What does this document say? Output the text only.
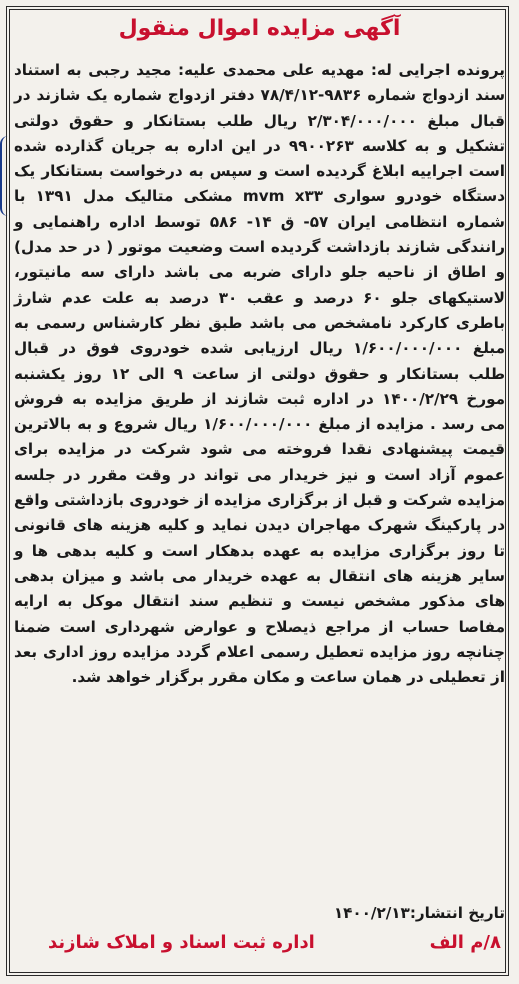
آگهی مزایده اموال منقول

پرونده اجرایی له: مهدیه علی محمدی علیه: مجید رجبی به استناد سند ازدواج شماره ۹۸۳۶-۷۸/۴/۱۲ دفتر ازدواج شماره یک شازند در قبال مبلغ ۲/۳۰۴/۰۰۰/۰۰۰ ریال طلب بستانکار و حقوق دولتی تشکیل و به کلاسه ۹۹۰۰۲۶۳ در این اداره به جریان گذارده شده است اجراییه ابلاغ گردیده است و سپس به درخواست بستانکار یک دستگاه خودرو سواری mvm x۳۳ مشکی متالیک مدل ۱۳۹۱ با شماره انتظامی ایران ۵۷- ق ۱۴- ۵۸۶ توسط اداره راهنمایی و رانندگی شازند بازداشت گردیده است وضعیت موتور ( در حد مدل) و اطاق از ناحیه جلو دارای ضربه می باشد دارای سه مانیتور، لاستیکهای جلو ۶۰ درصد و عقب ۳۰ درصد به علت عدم شارژ باطری کارکرد نامشخص می باشد طبق نظر کارشناس رسمی به مبلغ ۱/۶۰۰/۰۰۰/۰۰۰ ریال ارزیابی شده خودروی فوق در قبال طلب بستانکار و حقوق دولتی از ساعت ۹ الی ۱۲ روز یکشنبه مورخ ۱۴۰۰/۲/۲۹ در اداره ثبت شازند از طریق مزایده به فروش می رسد . مزایده از مبلغ ۱/۶۰۰/۰۰۰/۰۰۰ ریال شروع و به بالاترین قیمت پیشنهادی نقدا فروخته می شود شرکت در مزایده برای عموم آزاد است و نیز خریدار می تواند در وقت مقرر در جلسه مزایده شرکت و قبل از برگزاری مزایده از خودروی بازداشتی واقع در پارکینگ شهرک مهاجران دیدن نماید و کلیه هزینه های قانونی تا روز برگزاری مزایده به عهده بدهکار است و کلیه بدهی ها و سایر هزینه های انتقال به عهده خریدار می باشد و میزان بدهی های مذکور مشخص نیست و تنظیم سند انتقال موکل به ارایه مفاصا حساب از مراجع ذیصلاح و عوارض شهرداری است ضمنا چنانچه روز مزایده تعطیل رسمی اعلام گردد مزایده روز اداری بعد از تعطیلی در همان ساعت و مکان مقرر برگزار خواهد شد.

تاریخ انتشار:۱۴۰۰/۲/۱۳
۸/م الف
اداره ثبت اسناد و املاک شازند
